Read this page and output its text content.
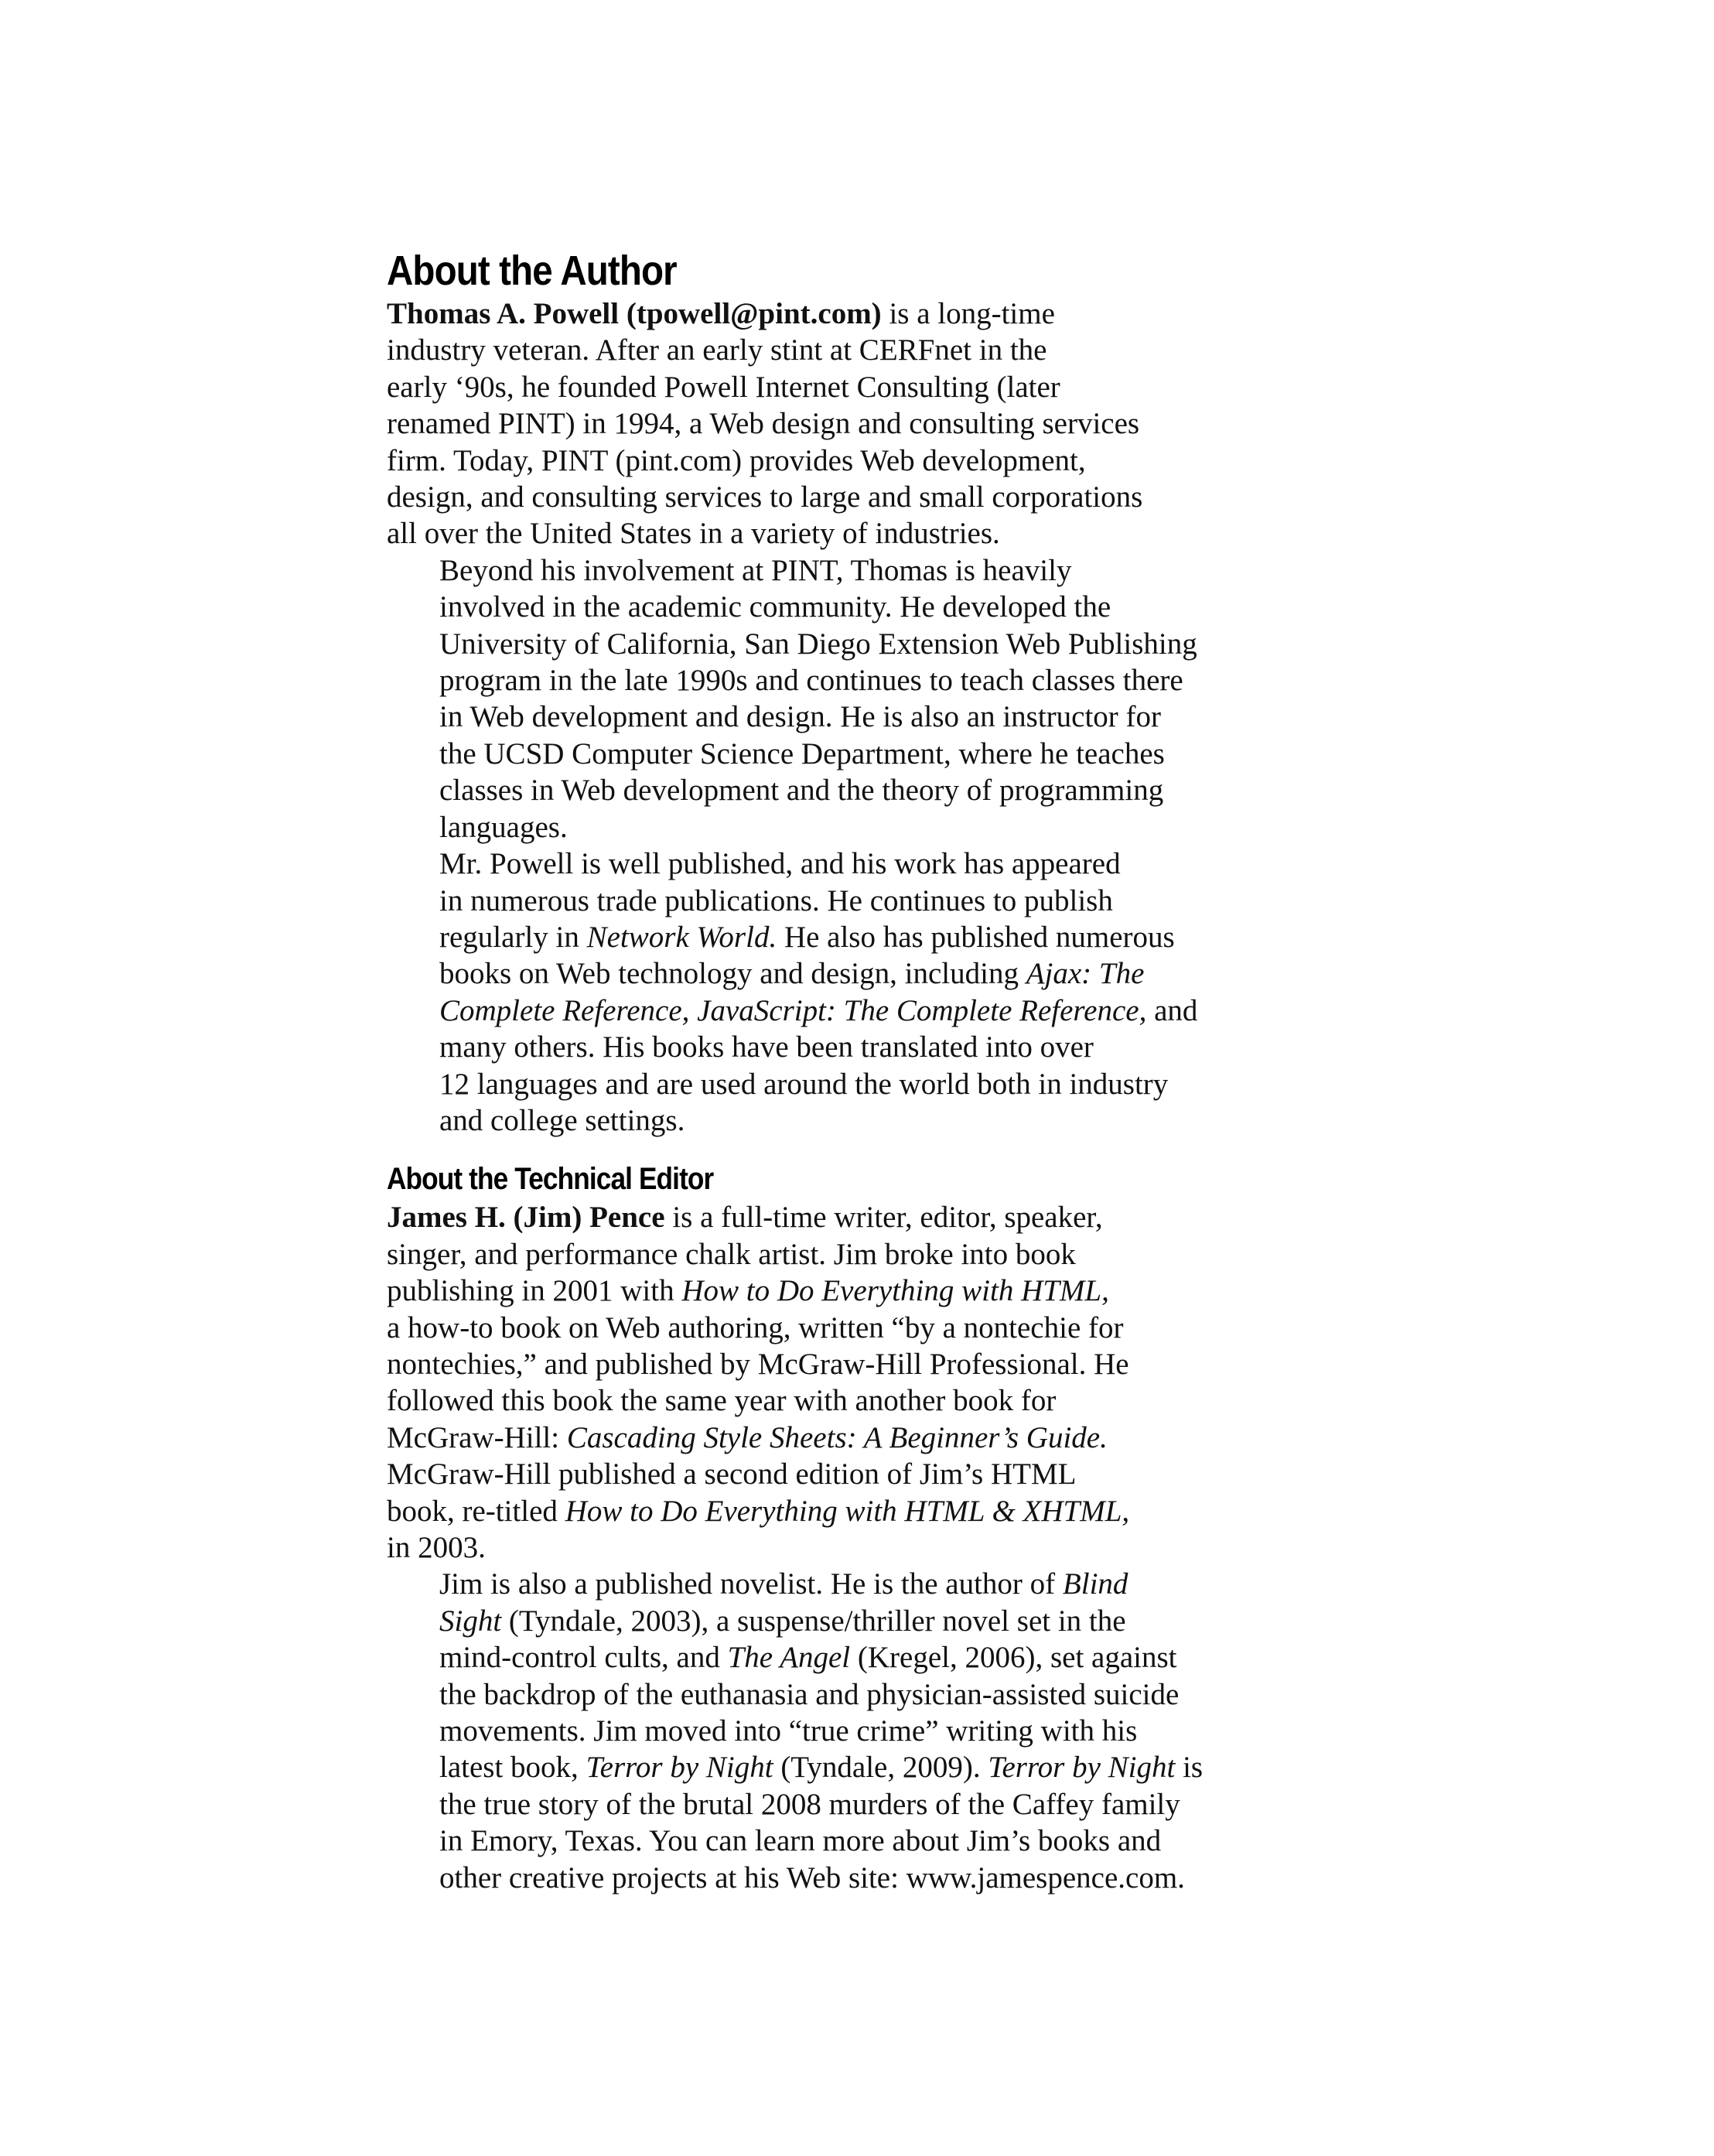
About the Author

Thomas A. Powell (tpowell@pint.com) is a long-time
industry veteran. After an early stint at CERFnet in the
early ‘90s, he founded Powell Internet Consulting (later
renamed PINT) in 1994, a Web design and consulting services
firm. Today, PINT (pint.com) provides Web development,
design, and consulting services to large and small corporations
all over the United States in a variety of industries.

Beyond his involvement at PINT, Thomas is heavily
involved in the academic community. He developed the
University of California, San Diego Extension Web Publishing
program in the late 1990s and continues to teach classes there
in Web development and design. He is also an instructor for
the UCSD Computer Science Department, where he teaches
classes in Web development and the theory of programming
languages.

Mr. Powell is well published, and his work has appeared
in numerous trade publications. He continues to publish
regularly in Network World. He also has published numerous
books on Web technology and design, including Ajax: The
Complete Reference, JavaScript: The Complete Reference, and
many others. His books have been translated into over
12 languages and are used around the world both in industry
and college settings.

About the Technical Editor

James H. (Jim) Pence is a full-time writer, editor, speaker,
singer, and performance chalk artist. Jim broke into book
publishing in 2001 with How to Do Everything with HTML,
a how-to book on Web authoring, written “by a nontechie for
nontechies,” and published by McGraw-Hill Professional. He
followed this book the same year with another book for
McGraw-Hill: Cascading Style Sheets: A Beginner’s Guide.
McGraw-Hill published a second edition of Jim’s HTML
book, re-titled How to Do Everything with HTML & XHTML,
in 2003.

Jim is also a published novelist. He is the author of Blind
Sight (Tyndale, 2003), a suspense/thriller novel set in the
mind-control cults, and The Angel (Kregel, 2006), set against
the backdrop of the euthanasia and physician-assisted suicide
movements. Jim moved into “true crime” writing with his
latest book, Terror by Night (Tyndale, 2009). Terror by Night is
the true story of the brutal 2008 murders of the Caffey family
in Emory, Texas. You can learn more about Jim’s books and
other creative projects at his Web site: www.jamespence.com.
